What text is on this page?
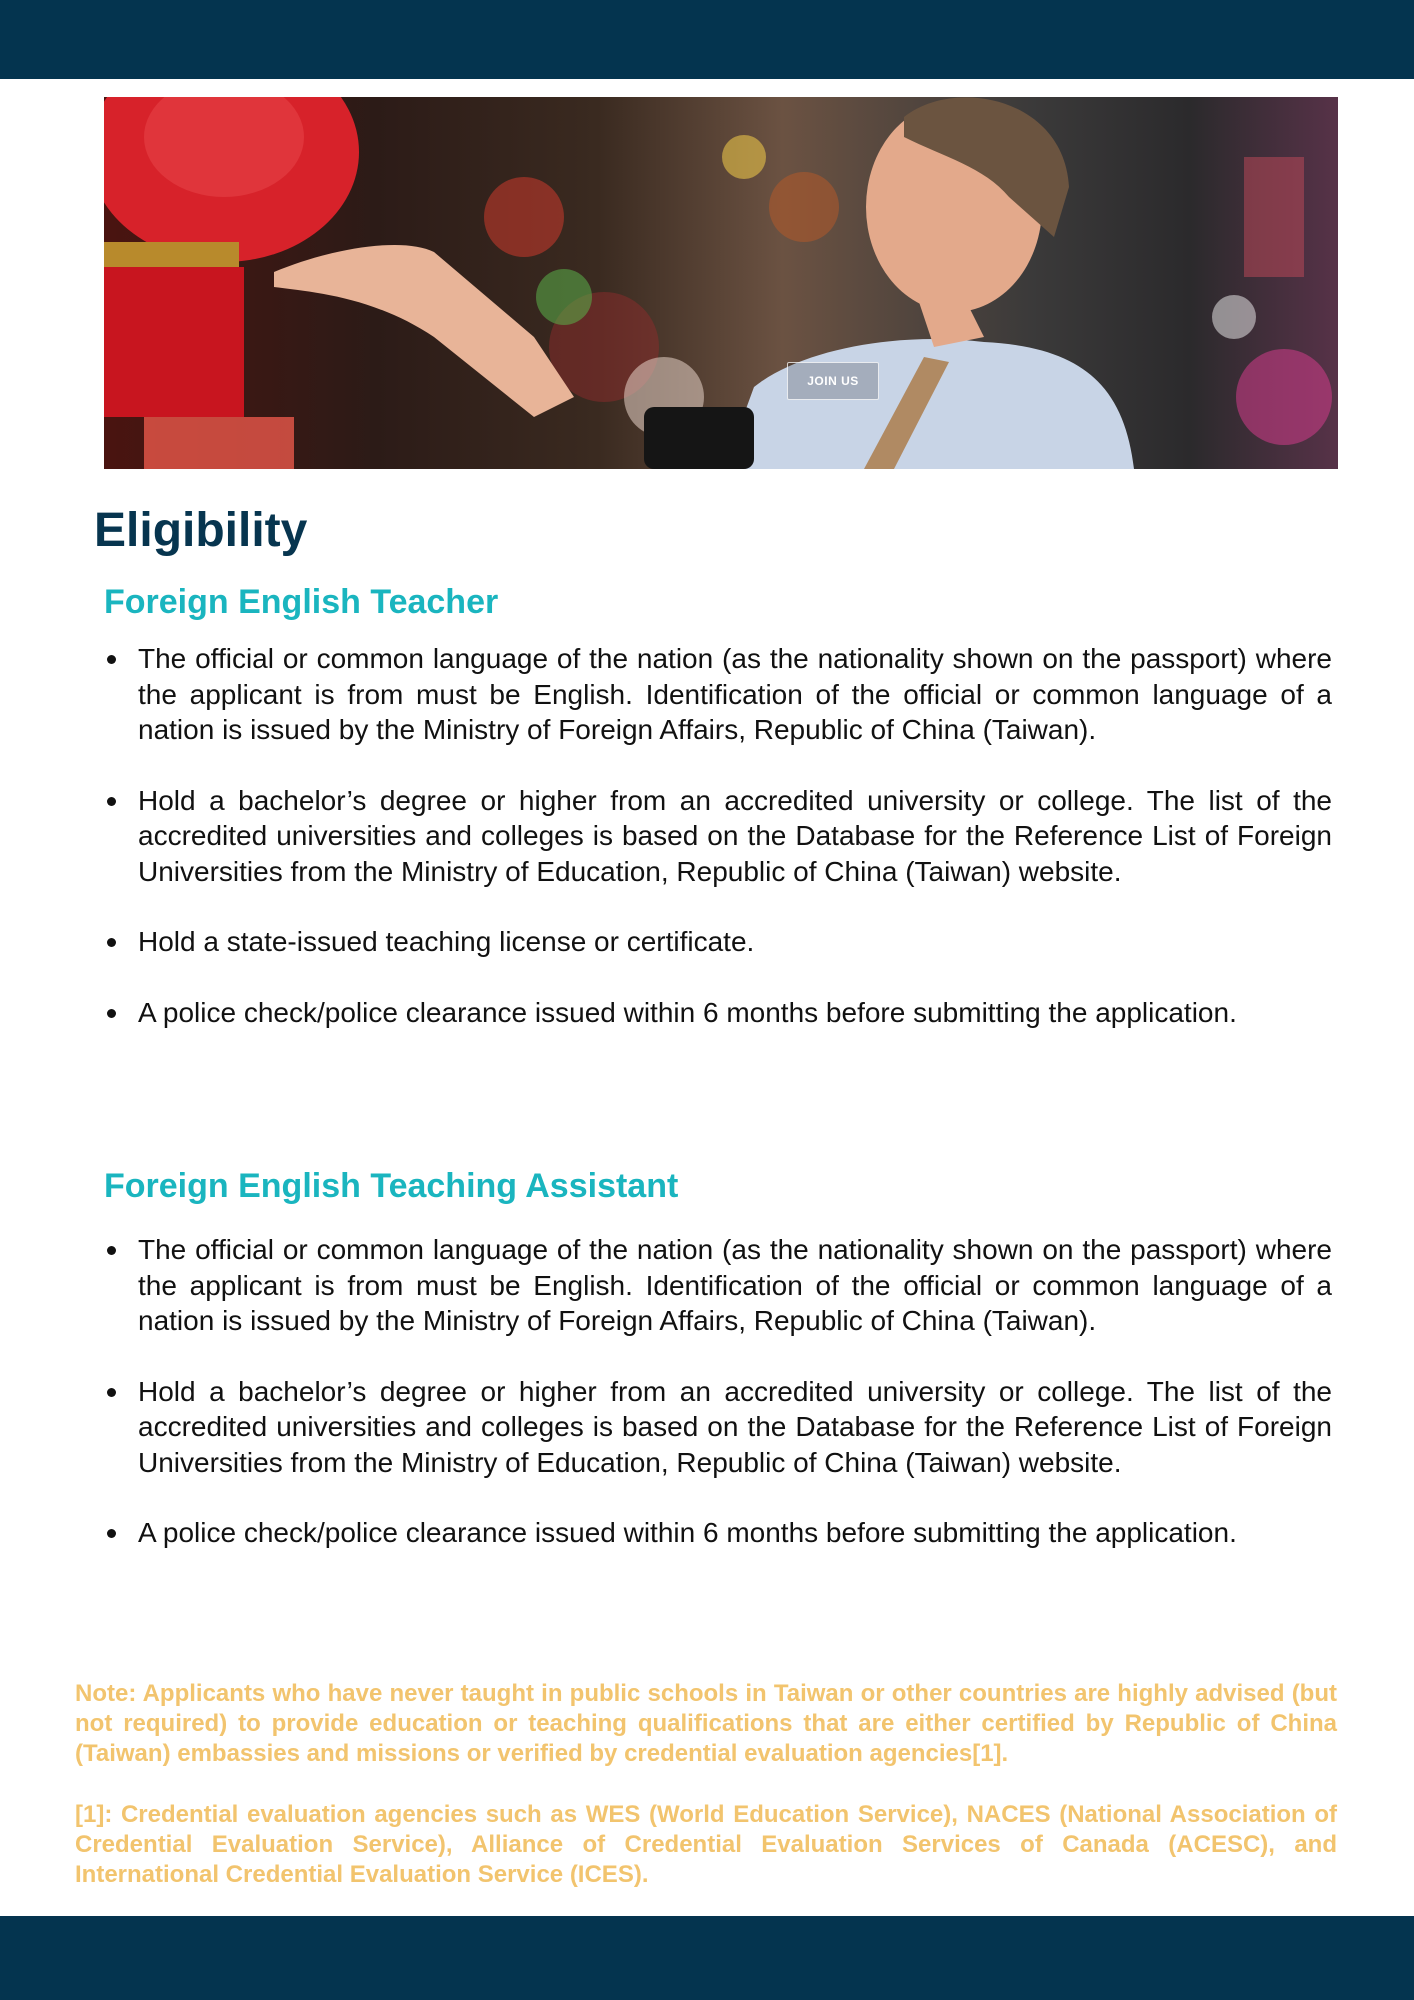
JOIN US
Eligibility
Foreign English Teacher
The official or common language of the nation (as the nationality shown on the passport) where the applicant is from must be English. Identification of the official or common language of a nation is issued by the Ministry of Foreign Affairs, Republic of China (Taiwan).
Hold a bachelor’s degree or higher from an accredited university or college. The list of the accredited universities and colleges is based on the Database for the Reference List of Foreign Universities from the Ministry of Education, Republic of China (Taiwan) website.
Hold a state-issued teaching license or certificate.
A police check/police clearance issued within 6 months before submitting the application.
Foreign English Teaching Assistant
The official or common language of the nation (as the nationality shown on the passport) where the applicant is from must be English. Identification of the official or common language of a nation is issued by the Ministry of Foreign Affairs, Republic of China (Taiwan).
Hold a bachelor’s degree or higher from an accredited university or college. The list of the accredited universities and colleges is based on the Database for the Reference List of Foreign Universities from the Ministry of Education, Republic of China (Taiwan) website.
A police check/police clearance issued within 6 months before submitting the application.

Note: Applicants who have never taught in public schools in Taiwan or other countries are highly advised (but not required) to provide education or teaching qualifications that are either certified by Republic of China (Taiwan) embassies and missions or verified by credential evaluation agencies[1].

[1]: Credential evaluation agencies such as WES (World Education Service), NACES (National Association of Credential Evaluation Service), Alliance of Credential Evaluation Services of Canada (ACESC), and International Credential Evaluation Service (ICES).
